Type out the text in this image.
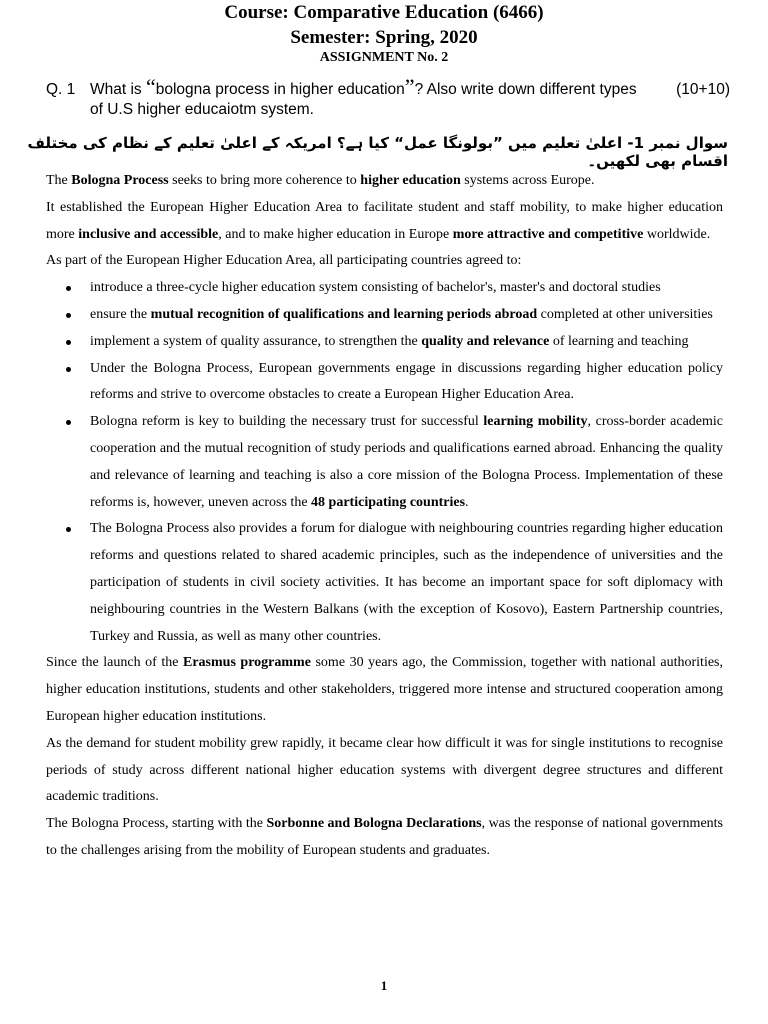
Course: Comparative Education (6466)
Semester: Spring, 2020
ASSIGNMENT No. 2
Q. 1 What is “bologna process in higher education”? Also write down different types of U.S higher educaiotm system.
(10+10)
سوال نمبر 1- اعلیٰ تعلیم میں ”بولونگا عمل“ کیا ہے؟ امریکہ کے اعلیٰ تعلیم کے نظام کی مختلف اقسام بھی لکھیں۔

The Bologna Process seeks to bring more coherence to higher education systems across Europe.

It established the European Higher Education Area to facilitate student and staff mobility, to make higher education more inclusive and accessible, and to make higher education in Europe more attractive and competitive worldwide.

As part of the European Higher Education Area, all participating countries agreed to:

introduce a three-cycle higher education system consisting of bachelor's, master's and doctoral studies
ensure the mutual recognition of qualifications and learning periods abroad completed at other universities
implement a system of quality assurance, to strengthen the quality and relevance of learning and teaching
Under the Bologna Process, European governments engage in discussions regarding higher education policy reforms and strive to overcome obstacles to create a European Higher Education Area.
Bologna reform is key to building the necessary trust for successful learning mobility, cross-border academic cooperation and the mutual recognition of study periods and qualifications earned abroad. Enhancing the quality and relevance of learning and teaching is also a core mission of the Bologna Process. Implementation of these reforms is, however, uneven across the 48 participating countries.
The Bologna Process also provides a forum for dialogue with neighbouring countries regarding higher education reforms and questions related to shared academic principles, such as the independence of universities and the participation of students in civil society activities. It has become an important space for soft diplomacy with neighbouring countries in the Western Balkans (with the exception of Kosovo), Eastern Partnership countries, Turkey and Russia, as well as many other countries.

Since the launch of the Erasmus programme some 30 years ago, the Commission, together with national authorities, higher education institutions, students and other stakeholders, triggered more intense and structured cooperation among European higher education institutions.

As the demand for student mobility grew rapidly, it became clear how difficult it was for single institutions to recognise periods of study across different national higher education systems with divergent degree structures and different academic traditions.

The Bologna Process, starting with the Sorbonne and Bologna Declarations, was the response of national governments to the challenges arising from the mobility of European students and graduates.

1
